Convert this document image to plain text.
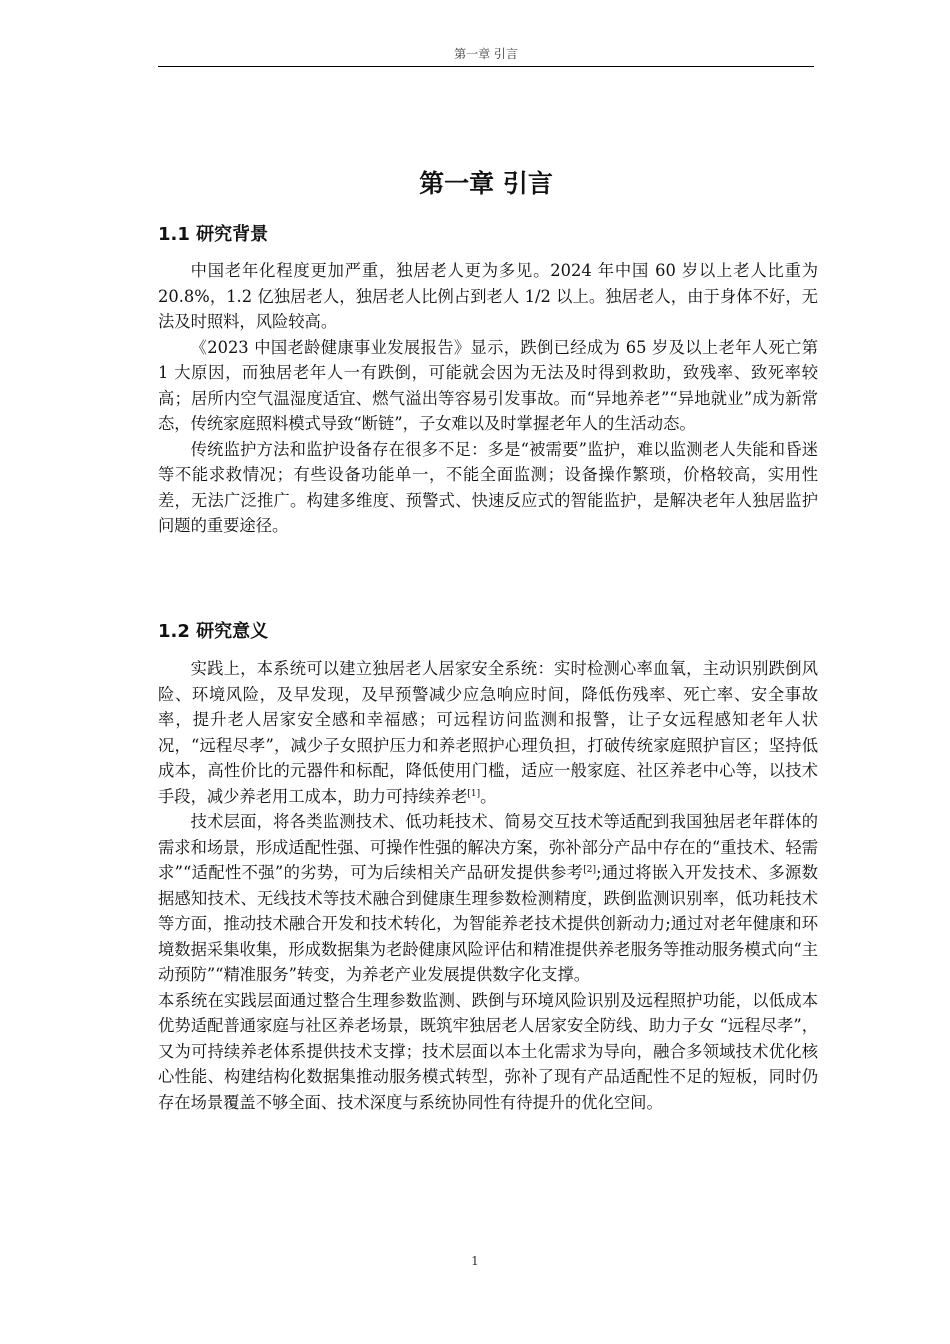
第一章 引言
第一章 引言
1.1 研究背景

中国老年化程度更加严重，独居老人更为多见。2024 年中国 60 岁以上老人比重为 20.8%，1.2 亿独居老人，独居老人比例占到老人 1/2 以上。独居老人，由于身体不好，无法及时照料，风险较高。

《2023 中国老龄健康事业发展报告》显示，跌倒已经成为 65 岁及以上老年人死亡第 1 大原因，而独居老年人一有跌倒，可能就会因为无法及时得到救助，致残率、致死率较高；居所内空气温湿度适宜、燃气溢出等容易引发事故。而“异地养老”“异地就业”成为新常态，传统家庭照料模式导致“断链”，子女难以及时掌握老年人的生活动态。

传统监护方法和监护设备存在很多不足：多是“被需要”监护，难以监测老人失能和昏迷等不能求救情况；有些设备功能单一，不能全面监测；设备操作繁琐，价格较高，实用性差，无法广泛推广。构建多维度、预警式、快速反应式的智能监护，是解决老年人独居监护问题的重要途径。

1.2 研究意义

实践上，本系统可以建立独居老人居家安全系统：实时检测心率血氧，主动识别跌倒风险、环境风险，及早发现，及早预警减少应急响应时间，降低伤残率、死亡率、安全事故率，提升老人居家安全感和幸福感；可远程访问监测和报警，让子女远程感知老年人状况，“远程尽孝”，减少子女照护压力和养老照护心理负担，打破传统家庭照护盲区；坚持低成本，高性价比的元器件和标配，降低使用门槛，适应一般家庭、社区养老中心等，以技术手段，减少养老用工成本，助力可持续养老[1]。

技术层面，将各类监测技术、低功耗技术、简易交互技术等适配到我国独居老年群体的需求和场景，形成适配性强、可操作性强的解决方案，弥补部分产品中存在的“重技术、轻需求”“适配性不强”的劣势，可为后续相关产品研发提供参考[2];通过将嵌入开发技术、多源数据感知技术、无线技术等技术融合到健康生理参数检测精度，跌倒监测识别率，低功耗技术等方面，推动技术融合开发和技术转化，为智能养老技术提供创新动力;通过对老年健康和环境数据采集收集，形成数据集为老龄健康风险评估和精准提供养老服务等推动服务模式向“主动预防”“精准服务”转变，为养老产业发展提供数字化支撑。

本系统在实践层面通过整合生理参数监测、跌倒与环境风险识别及远程照护功能，以低成本优势适配普通家庭与社区养老场景，既筑牢独居老人居家安全防线、助力子女 “远程尽孝”，又为可持续养老体系提供技术支撑；技术层面以本土化需求为导向，融合多领域技术优化核心性能、构建结构化数据集推动服务模式转型，弥补了现有产品适配性不足的短板，同时仍存在场景覆盖不够全面、技术深度与系统协同性有待提升的优化空间。

1
